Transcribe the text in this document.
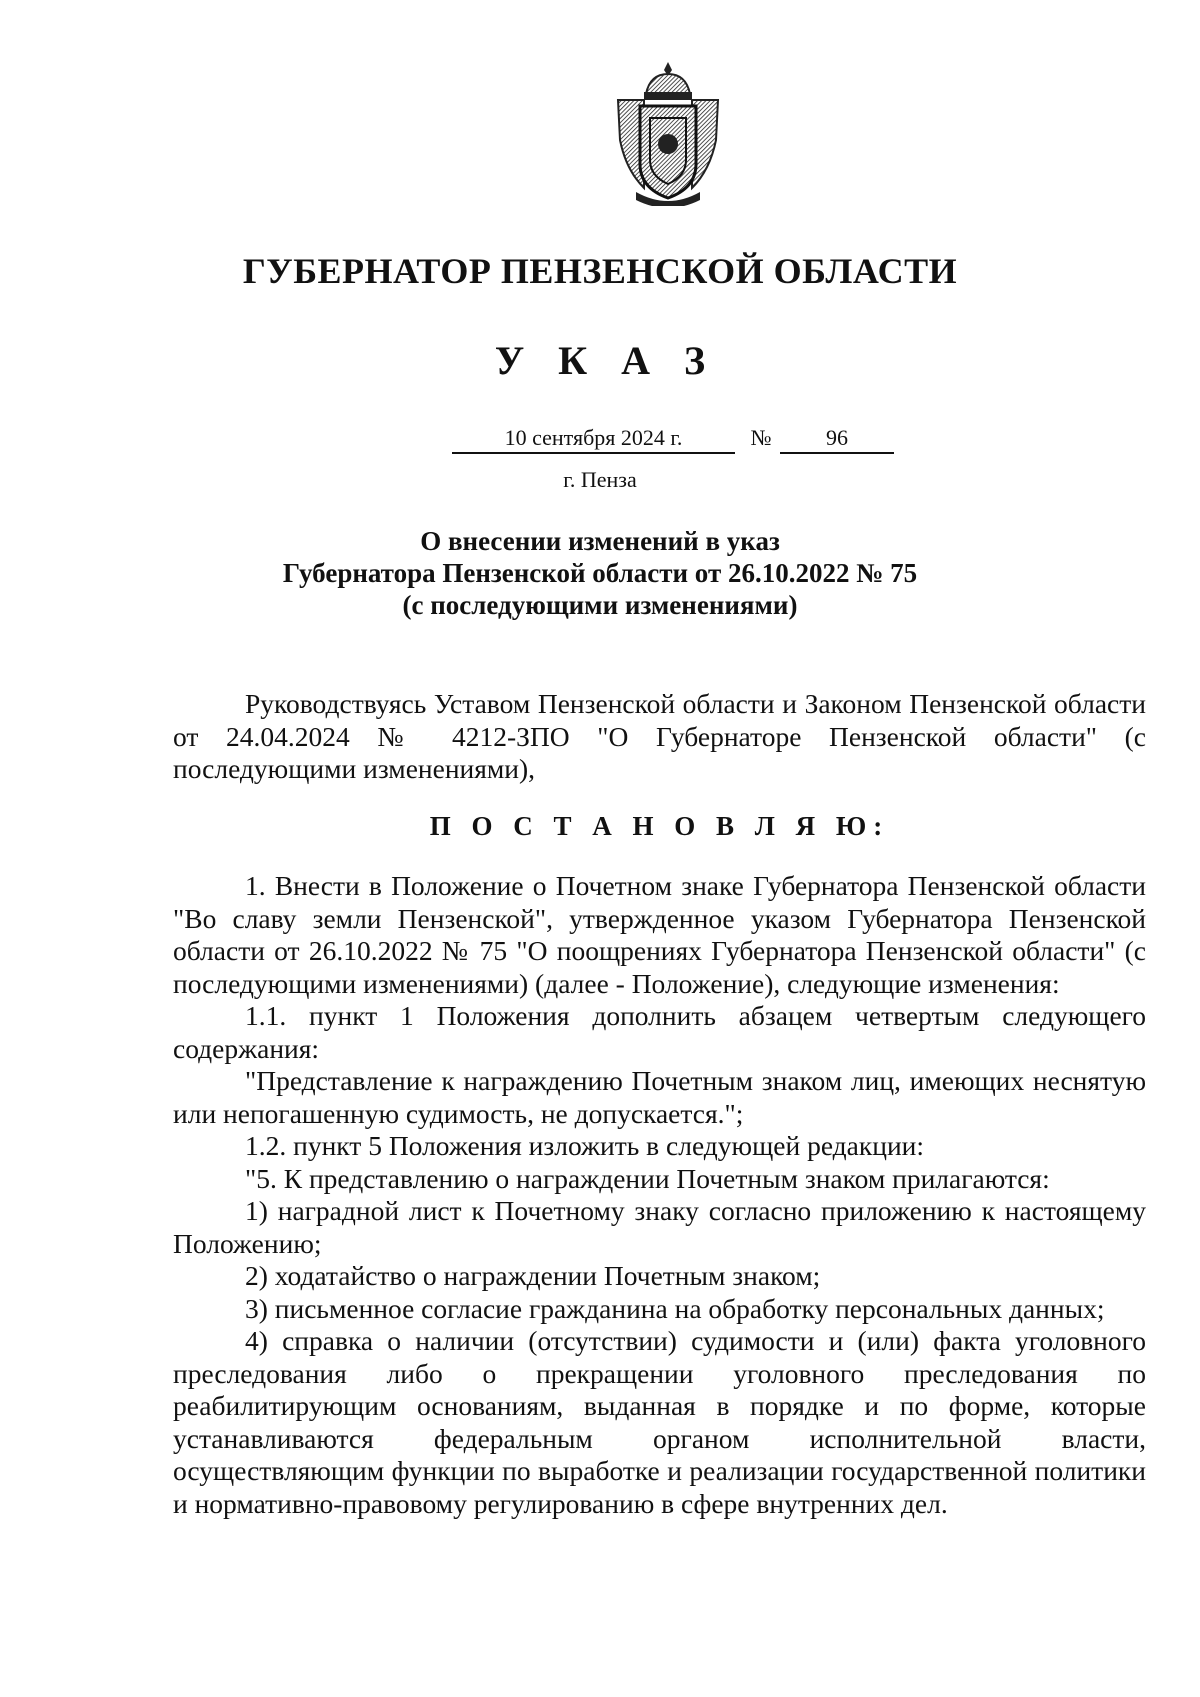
ГУБЕРНАТОР ПЕНЗЕНСКОЙ ОБЛАСТИ
У К А З
10 сентября 2024 г.	№	96
г. Пенза
О внесении изменений в указ
Губернатора Пензенской области от 26.10.2022 № 75
(с последующими изменениями)

Руководствуясь Уставом Пензенской области и Законом Пензенской области от 24.04.2024 № 4212-ЗПО "О Губернаторе Пензенской области" (с последующими изменениями),

П О С Т А Н О В Л Я Ю:

1. Внести в Положение о Почетном знаке Губернатора Пензенской области "Во славу земли Пензенской", утвержденное указом Губернатора Пензенской области от 26.10.2022 № 75 "О поощрениях Губернатора Пензенской области" (с последующими изменениями) (далее - Положение), следующие изменения:

1.1. пункт 1 Положения дополнить абзацем четвертым следующего содержания:

"Представление к награждению Почетным знаком лиц, имеющих неснятую или непогашенную судимость, не допускается.";

1.2. пункт 5 Положения изложить в следующей редакции:

"5. К представлению о награждении Почетным знаком прилагаются:

1) наградной лист к Почетному знаку согласно приложению к настоящему Положению;

2) ходатайство о награждении Почетным знаком;

3) письменное согласие гражданина на обработку персональных данных;

4) справка о наличии (отсутствии) судимости и (или) факта уголовного преследования либо о прекращении уголовного преследования по реабилитирующим основаниям, выданная в порядке и по форме, которые устанавливаются федеральным органом исполнительной власти, осуществляющим функции по выработке и реализации государственной политики и нормативно-правовому регулированию в сфере внутренних дел.
